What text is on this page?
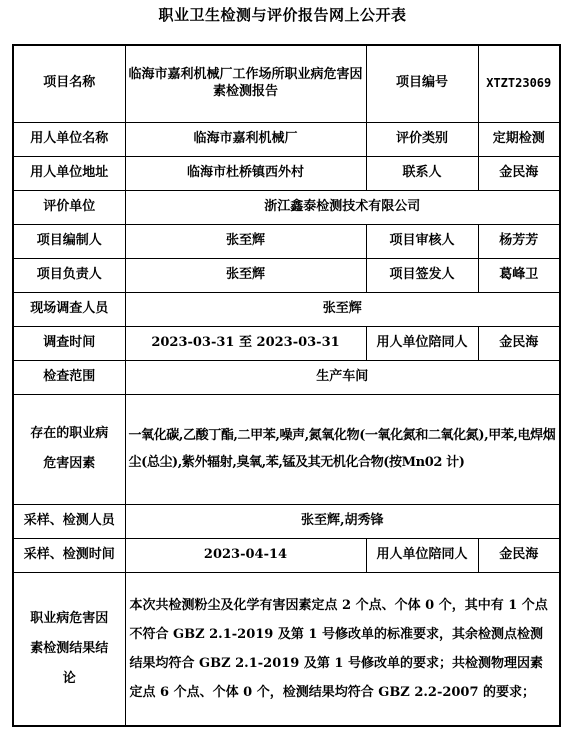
职业卫生检测与评价报告网上公开表
项目名称	临海市嘉利机械厂工作场所职业病危害因素检测报告	项目编号	XTZT23069
用人单位名称	临海市嘉利机械厂	评价类别	定期检测
用人单位地址	临海市杜桥镇西外村	联系人	金民海
评价单位	浙江鑫泰检测技术有限公司		
项目编制人	张至辉	项目审核人	杨芳芳
项目负责人	张至辉	项目签发人	葛峰卫
现场调查人员	张至辉		
调查时间	2023-03-31 至 2023-03-31	用人单位陪同人	金民海
检查范围	生产车间		
存在的职业病危害因素	一氧化碳,乙酸丁酯,二甲苯,噪声,氮氧化物(一氧化氮和二氧化氮),甲苯,电焊烟尘(总尘),紫外辐射,臭氧,苯,锰及其无机化合物(按Mn02 计)		
采样、检测人员	张至辉,胡秀锋		
采样、检测时间	2023-04-14	用人单位陪同人	金民海
职业病危害因素检测结果结论	本次共检测粉尘及化学有害因素定点 2 个点、个体 0 个，其中有 1 个点不符合 GBZ 2.1-2019 及第 1 号修改单的标准要求，其余检测点检测结果均符合 GBZ 2.1-2019 及第 1 号修改单的要求；共检测物理因素定点 6 个点、个体 0 个，检测结果均符合 GBZ 2.2-2007 的要求；		
